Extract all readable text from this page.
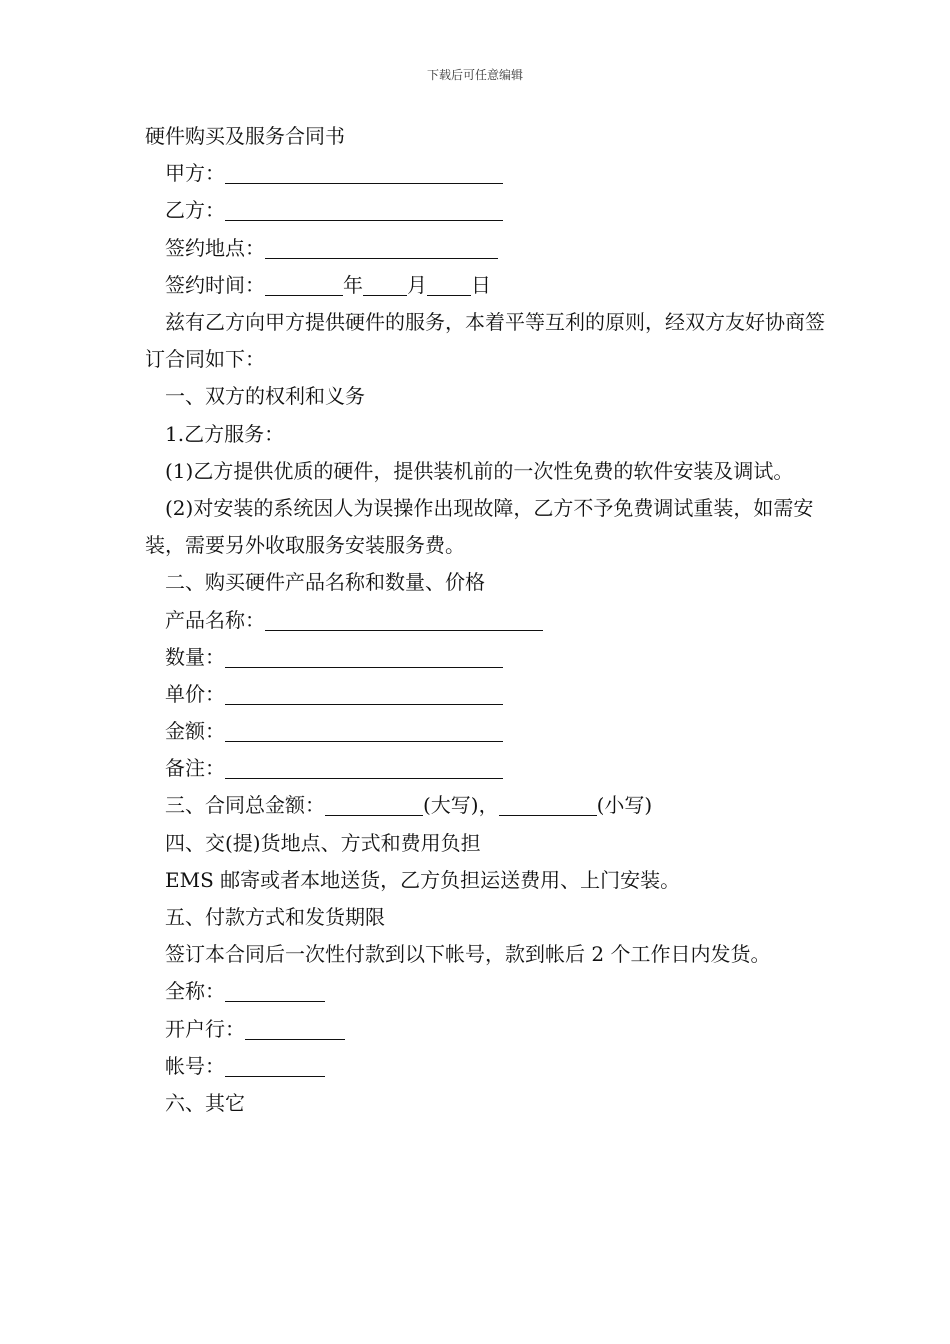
下载后可任意编辑
硬件购买及服务合同书
甲方：
乙方：
签约地点：
签约时间：	年 月 日
兹有乙方向甲方提供硬件的服务，本着平等互利的原则，经双方友好协商签订合同如下：
一、双方的权利和义务
1.乙方服务：
(1)乙方提供优质的硬件，提供装机前的一次性免费的软件安装及调试。
(2)对安装的系统因人为误操作出现故障，乙方不予免费调试重装，如需安装，需要另外收取服务安装服务费。
二、购买硬件产品名称和数量、价格
产品名称：
数量：
单价：
金额：
备注：
三、合同总金额：	(大写)，	(小写)
四、交(提)货地点、方式和费用负担
EMS 邮寄或者本地送货，乙方负担运送费用、上门安装。
五、付款方式和发货期限
签订本合同后一次性付款到以下帐号，款到帐后 2 个工作日内发货。
全称：
开户行：
帐号：
六、其它
